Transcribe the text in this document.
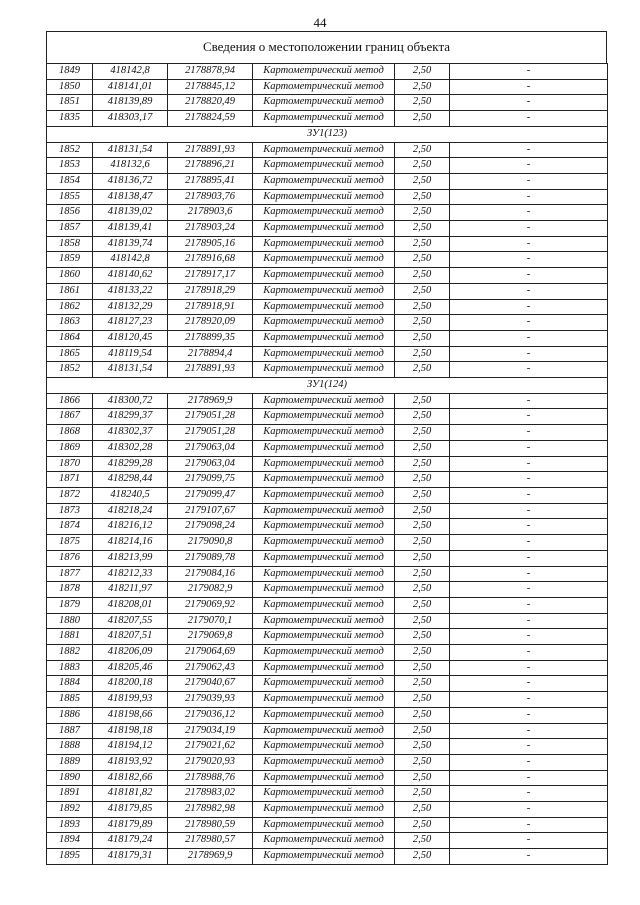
44
Сведения о местоположении границ объекта
1849	418142,8	2178878,94	Картометрический метод	2,50	-
1850	418141,01	2178845,12	Картометрический метод	2,50	-
1851	418139,89	2178820,49	Картометрический метод	2,50	-
1835	418303,17	2178824,59	Картометрический метод	2,50	-
ЗУ1(123)					
1852	418131,54	2178891,93	Картометрический метод	2,50	-
1853	418132,6	2178896,21	Картометрический метод	2,50	-
1854	418136,72	2178895,41	Картометрический метод	2,50	-
1855	418138,47	2178903,76	Картометрический метод	2,50	-
1856	418139,02	2178903,6	Картометрический метод	2,50	-
1857	418139,41	2178903,24	Картометрический метод	2,50	-
1858	418139,74	2178905,16	Картометрический метод	2,50	-
1859	418142,8	2178916,68	Картометрический метод	2,50	-
1860	418140,62	2178917,17	Картометрический метод	2,50	-
1861	418133,22	2178918,29	Картометрический метод	2,50	-
1862	418132,29	2178918,91	Картометрический метод	2,50	-
1863	418127,23	2178920,09	Картометрический метод	2,50	-
1864	418120,45	2178899,35	Картометрический метод	2,50	-
1865	418119,54	2178894,4	Картометрический метод	2,50	-
1852	418131,54	2178891,93	Картометрический метод	2,50	-
ЗУ1(124)					
1866	418300,72	2178969,9	Картометрический метод	2,50	-
1867	418299,37	2179051,28	Картометрический метод	2,50	-
1868	418302,37	2179051,28	Картометрический метод	2,50	-
1869	418302,28	2179063,04	Картометрический метод	2,50	-
1870	418299,28	2179063,04	Картометрический метод	2,50	-
1871	418298,44	2179099,75	Картометрический метод	2,50	-
1872	418240,5	2179099,47	Картометрический метод	2,50	-
1873	418218,24	2179107,67	Картометрический метод	2,50	-
1874	418216,12	2179098,24	Картометрический метод	2,50	-
1875	418214,16	2179090,8	Картометрический метод	2,50	-
1876	418213,99	2179089,78	Картометрический метод	2,50	-
1877	418212,33	2179084,16	Картометрический метод	2,50	-
1878	418211,97	2179082,9	Картометрический метод	2,50	-
1879	418208,01	2179069,92	Картометрический метод	2,50	-
1880	418207,55	2179070,1	Картометрический метод	2,50	-
1881	418207,51	2179069,8	Картометрический метод	2,50	-
1882	418206,09	2179064,69	Картометрический метод	2,50	-
1883	418205,46	2179062,43	Картометрический метод	2,50	-
1884	418200,18	2179040,67	Картометрический метод	2,50	-
1885	418199,93	2179039,93	Картометрический метод	2,50	-
1886	418198,66	2179036,12	Картометрический метод	2,50	-
1887	418198,18	2179034,19	Картометрический метод	2,50	-
1888	418194,12	2179021,62	Картометрический метод	2,50	-
1889	418193,92	2179020,93	Картометрический метод	2,50	-
1890	418182,66	2178988,76	Картометрический метод	2,50	-
1891	418181,82	2178983,02	Картометрический метод	2,50	-
1892	418179,85	2178982,98	Картометрический метод	2,50	-
1893	418179,89	2178980,59	Картометрический метод	2,50	-
1894	418179,24	2178980,57	Картометрический метод	2,50	-
1895	418179,31	2178969,9	Картометрический метод	2,50	-
